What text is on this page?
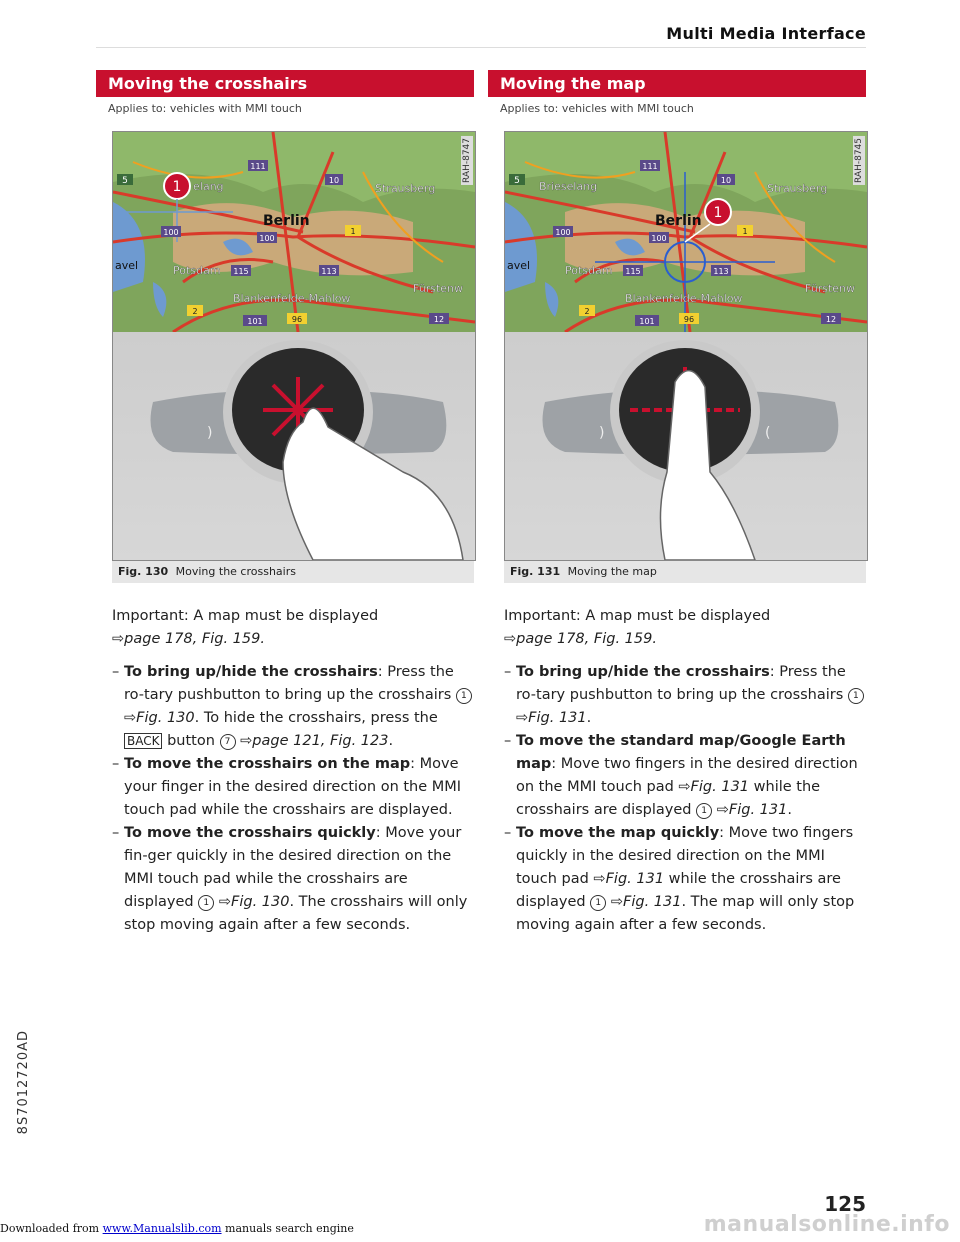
Multi Media Interface
Moving the crosshairs
Applies to: vehicles with MMI touch
1
5
111
10
1
100
100
115	113
2
101	96	12
elang	Strausberg
Berlin
avel	Potsdam
Blankenfelde-Mahlow
Fürstenw
RAH-8747
)
Fig. 130 Moving the crosshairs

Important: A map must be displayed
⇨page 178, Fig. 159.

– To bring up/hide the crosshairs: Press the ro-tary pushbutton to bring up the crosshairs 1 ⇨Fig. 130. To hide the crosshairs, press the BACK button 7 ⇨page 121, Fig. 123.
– To move the crosshairs on the map: Move your finger in the desired direction on the MMI touch pad while the crosshairs are displayed.
– To move the crosshairs quickly: Move your fin-ger quickly in the desired direction on the MMI touch pad while the crosshairs are displayed 1 ⇨Fig. 130. The crosshairs will only stop moving again after a few seconds.
Moving the map
Applies to: vehicles with MMI touch
1
5
111
10
1
100
100
115	113
2
101	96	12
Brieselang	Strausberg
Berlin
avel	Potsdam
Blankenfelde-Mahlow
Fürstenw
RAH-8745
)	(
Fig. 131 Moving the map

Important: A map must be displayed
⇨page 178, Fig. 159.

– To bring up/hide the crosshairs: Press the ro-tary pushbutton to bring up the crosshairs 1 ⇨Fig. 131.
– To move the standard map/Google Earth map: Move two fingers in the desired direction on the MMI touch pad ⇨Fig. 131 while the crosshairs are displayed 1 ⇨Fig. 131.
– To move the map quickly: Move two fingers quickly in the desired direction on the MMI touch pad ⇨Fig. 131 while the crosshairs are displayed 1 ⇨Fig. 131. The map will only stop moving again after a few seconds.
8S7012720AD
125
manualsonline.info
Downloaded from www.Manualslib.com manuals search engine
